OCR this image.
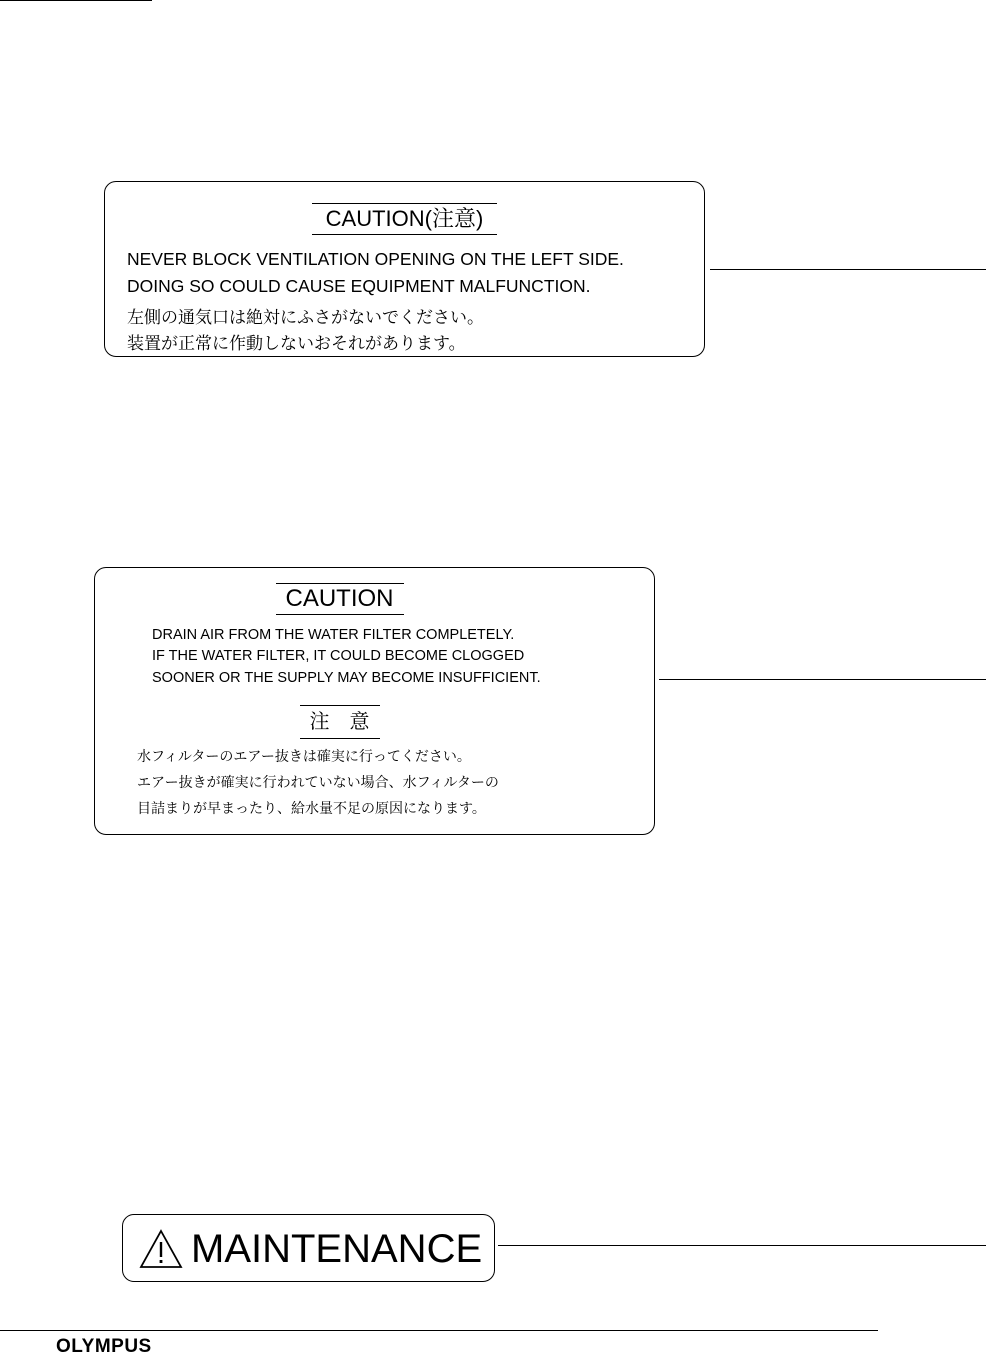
CAUTION(注意)
NEVER BLOCK VENTILATION OPENING ON THE LEFT SIDE.
DOING SO COULD CAUSE EQUIPMENT MALFUNCTION.
左側の通気口は絶対にふさがないでください。
装置が正常に作動しないおそれがあります。
CAUTION
DRAIN AIR FROM THE WATER FILTER COMPLETELY.
IF THE WATER FILTER, IT COULD BECOME CLOGGED
SOONER OR THE SUPPLY MAY BECOME INSUFFICIENT.
注　意
水フィルターのエアー抜きは確実に行ってください。
エアー抜きが確実に行われていない場合、水フィルターの
目詰まりが早まったり、給水量不足の原因になります。
MAINTENANCE
OLYMPUS
